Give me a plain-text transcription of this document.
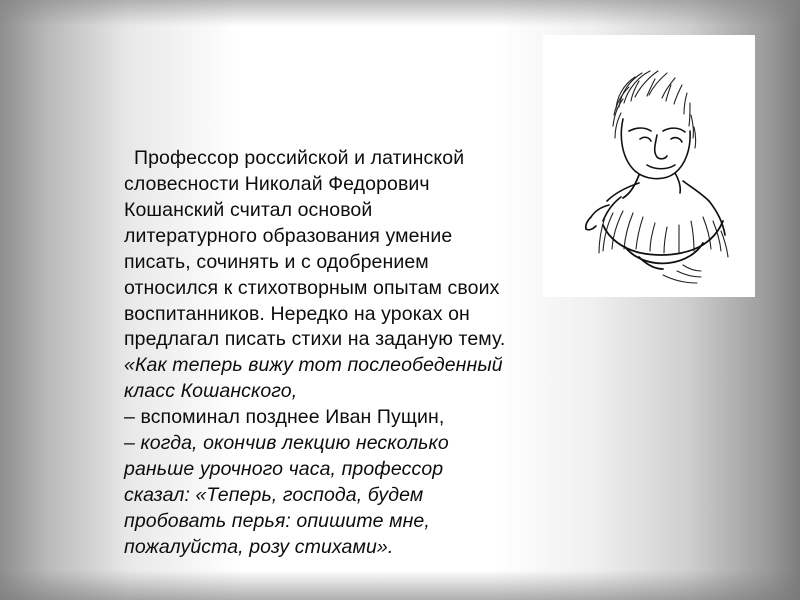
Профессор российской и латинской словесности Николай Федорович Кошанский считал основой литературного образования умение писать, сочинять и с одобрением относился к стихотворным опытам своих воспитанников. Нередко на уроках он предлагал писать стихи на заданую тему. «Как теперь вижу тот послеобеденный класс Кошанского,

– вспоминал позднее Иван Пущин,

– когда, окончив лекцию несколько раньше урочного часа, профессор сказал: «Теперь, господа, будем пробовать перья: опишите мне, пожалуйста, розу стихами».
